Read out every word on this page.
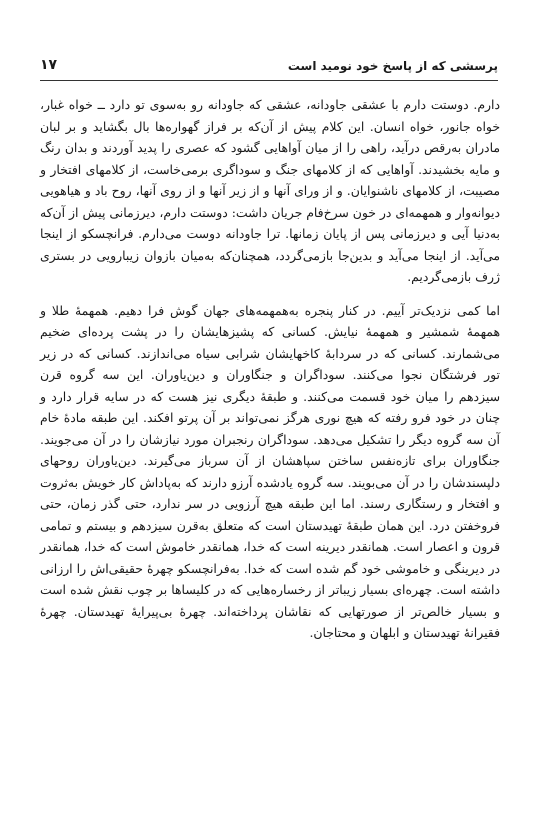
پرسشی که از پاسخ خود نومید است
۱۷

دارم. دوستت دارم با عشقی جاودانه، عشقی که جاودانه رو به‌سوی تو دارد ــ خواه غبار، خواه جانور، خواه انسان. این کلام پیش از آن‌که بر فراز گهواره‌ها بال بگشاید و بر لبان مادران به‌رقص درآید، راهی را از میان آواهایی گشود که عصری را پدید آوردند و بدان رنگ و مایه بخشیدند. آواهایی که از کلامهای جنگ و سوداگری برمی‌خاست، از کلامهای افتخار و مصیبت، از کلامهای ناشنوایان. و از ورای آنها و از زیر آنها و از روی آنها، روح باد و هیاهویی دیوانه‌وار و همهمه‌ای در خون سرخ‌فام جریان داشت: دوستت دارم، دیرزمانی پیش از آن‌که به‌دنیا آیی و دیرزمانی پس از پایان زمانها. ترا جاودانه دوست می‌دارم. فرانچسکو از اینجا می‌آید. از اینجا می‌آید و بدین‌جا بازمی‌گردد، همچنان‌که به‌میان بازوان زیبارویی در بستری ژرف بازمی‌گردیم.

اما کمی نزدیک‌تر آییم. در کنار پنجره به‌همهمه‌های جهان گوش فرا دهیم. همهمهٔ طلا و همهمهٔ شمشیر و همهمهٔ نیایش. کسانی که پشیزهایشان را در پشت پرده‌ای ضخیم می‌شمارند. کسانی که در سردابهٔ کاخهایشان شرابی سیاه می‌اندازند. کسانی که در زیر تور فرشتگان نجوا می‌کنند. سوداگران و جنگاوران و دین‌یاوران. این سه گروه قرن سیزدهم را میان خود قسمت می‌کنند. و طبقهٔ دیگری نیز هست که در سایه قرار دارد و چنان در خود فرو رفته که هیچ نوری هرگز نمی‌تواند بر آن پرتو افکند. این طبقه مادهٔ خام آن سه گروه دیگر را تشکیل می‌دهد. سوداگران رنجبران مورد نیازشان را در آن می‌جویند. جنگاوران برای تازه‌نفس ساختن سپاهشان از آن سرباز می‌گیرند. دین‌یاوران روحهای دلپسندشان را در آن می‌بویند. سه گروه یادشده آرزو دارند که به‌پاداش کار خویش به‌ثروت و افتخار و رستگاری رسند. اما این طبقه هیچ آرزویی در سر ندارد، حتی گذر زمان، حتی فروخفتن درد. این همان طبقهٔ تهیدستان است که متعلق به‌قرن سیزدهم و بیستم و تمامی قرون و اعصار است. همانقدر دیرینه است که خدا، همانقدر خاموش است که خدا، همانقدر در دیرینگی و خاموشی خود گم شده است که خدا. به‌فرانچسکو چهرهٔ حقیقی‌اش را ارزانی داشته است. چهره‌ای بسیار زیباتر از رخساره‌هایی که در کلیساها بر چوب نقش شده است و بسیار خالص‌تر از صورتهایی که نقاشان پرداخته‌اند. چهرهٔ بی‌پیرایهٔ تهیدستان. چهرهٔ فقیرانهٔ تهیدستان و ابلهان و محتاجان.
